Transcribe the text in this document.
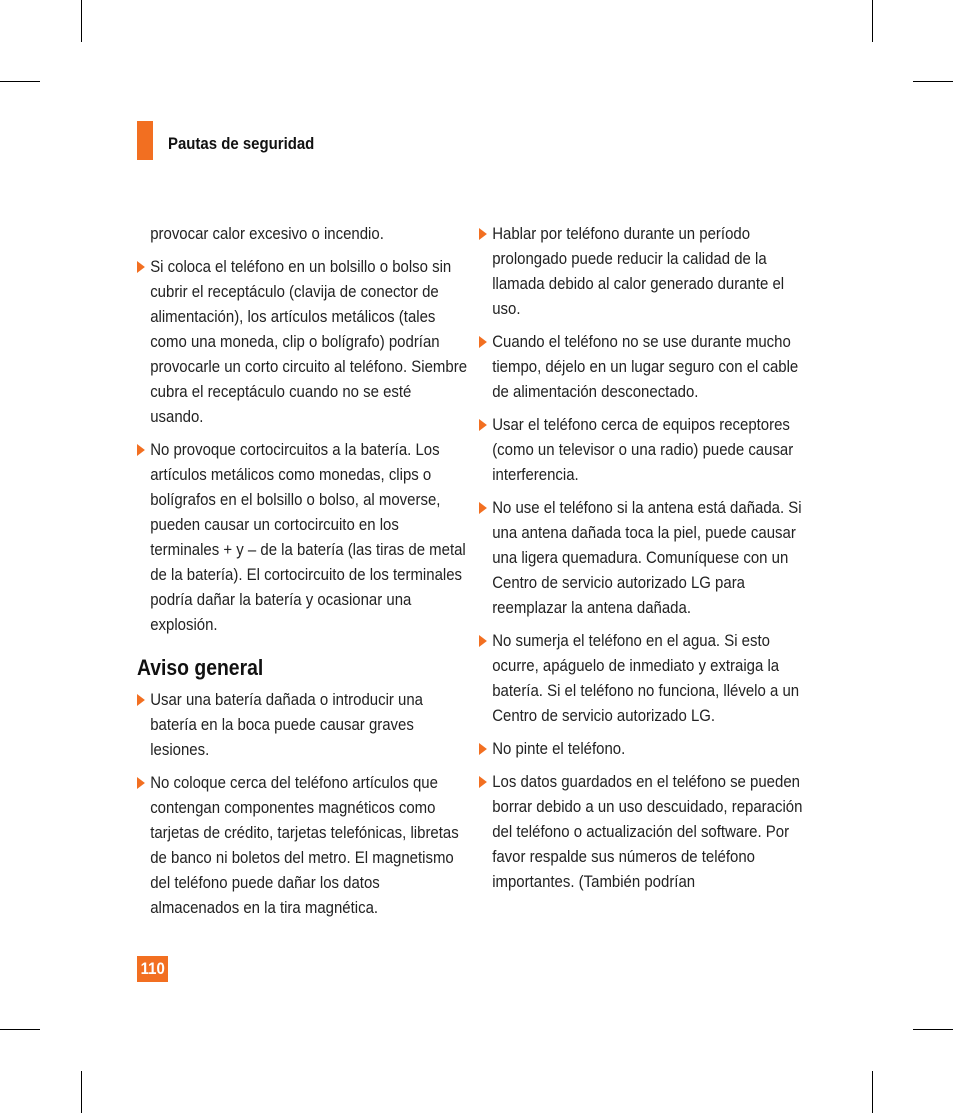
Pautas de seguridad
provocar calor excesivo o incendio.
Si coloca el teléfono en un bolsillo o bolso sin cubrir el receptáculo (clavija de conector de alimentación), los artículos metálicos (tales como una moneda, clip o bolígrafo) podrían provocarle un corto circuito al teléfono. Siembre cubra el receptáculo cuando no se esté usando.
No provoque cortocircuitos a la batería. Los artículos metálicos como monedas, clips o bolígrafos en el bolsillo o bolso, al moverse, pueden causar un cortocircuito en los terminales + y – de la batería (las tiras de metal de la batería). El cortocircuito de los terminales podría dañar la batería y ocasionar una explosión.
Aviso general
Usar una batería dañada o introducir una batería en la boca puede causar graves lesiones.
No coloque cerca del teléfono artículos que contengan componentes magnéticos como tarjetas de crédito, tarjetas telefónicas, libretas de banco ni boletos del metro. El magnetismo del teléfono puede dañar los datos almacenados en la tira magnética.
Hablar por teléfono durante un período prolongado puede reducir la calidad de la llamada debido al calor generado durante el uso.
Cuando el teléfono no se use durante mucho tiempo, déjelo en un lugar seguro con el cable de alimentación desconectado.
Usar el teléfono cerca de equipos receptores (como un televisor o una radio) puede causar interferencia.
No use el teléfono si la antena está dañada. Si una antena dañada toca la piel, puede causar una ligera quemadura. Comuníquese con un Centro de servicio autorizado LG para reemplazar la antena dañada.
No sumerja el teléfono en el agua. Si esto ocurre, apáguelo de inmediato y extraiga la batería. Si el teléfono no funciona, llévelo a un Centro de servicio autorizado LG.
No pinte el teléfono.
Los datos guardados en el teléfono se pueden borrar debido a un uso descuidado, reparación del teléfono o actualización del software. Por favor respalde sus números de teléfono importantes. (También podrían
110
